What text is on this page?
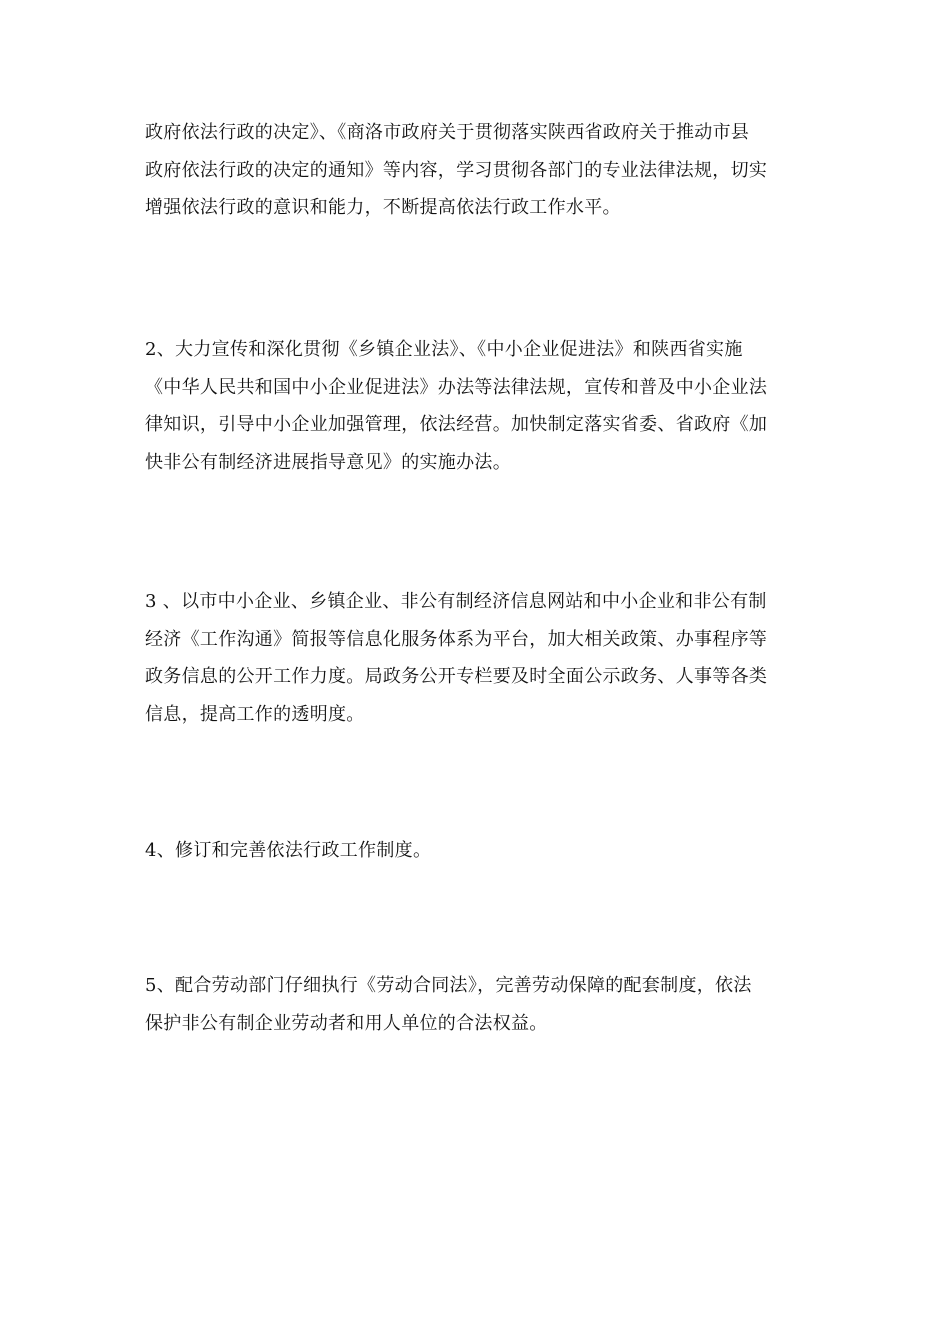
政府依法行政的决定》、《商洛市政府关于贯彻落实陕西省政府关于推动市县
政府依法行政的决定的通知》等内容，学习贯彻各部门的专业法律法规，切实
增强依法行政的意识和能力，不断提高依法行政工作水平。

2、大力宣传和深化贯彻《乡镇企业法》、《中小企业促进法》和陕西省实施
《中华人民共和国中小企业促进法》办法等法律法规，宣传和普及中小企业法
律知识，引导中小企业加强管理，依法经营。加快制定落实省委、省政府《加
快非公有制经济进展指导意见》的实施办法。

3 、以市中小企业、乡镇企业、非公有制经济信息网站和中小企业和非公有制
经济《工作沟通》简报等信息化服务体系为平台，加大相关政策、办事程序等
政务信息的公开工作力度。局政务公开专栏要及时全面公示政务、人事等各类
信息，提高工作的透明度。

4、修订和完善依法行政工作制度。

5、配合劳动部门仔细执行《劳动合同法》，完善劳动保障的配套制度，依法
保护非公有制企业劳动者和用人单位的合法权益。
